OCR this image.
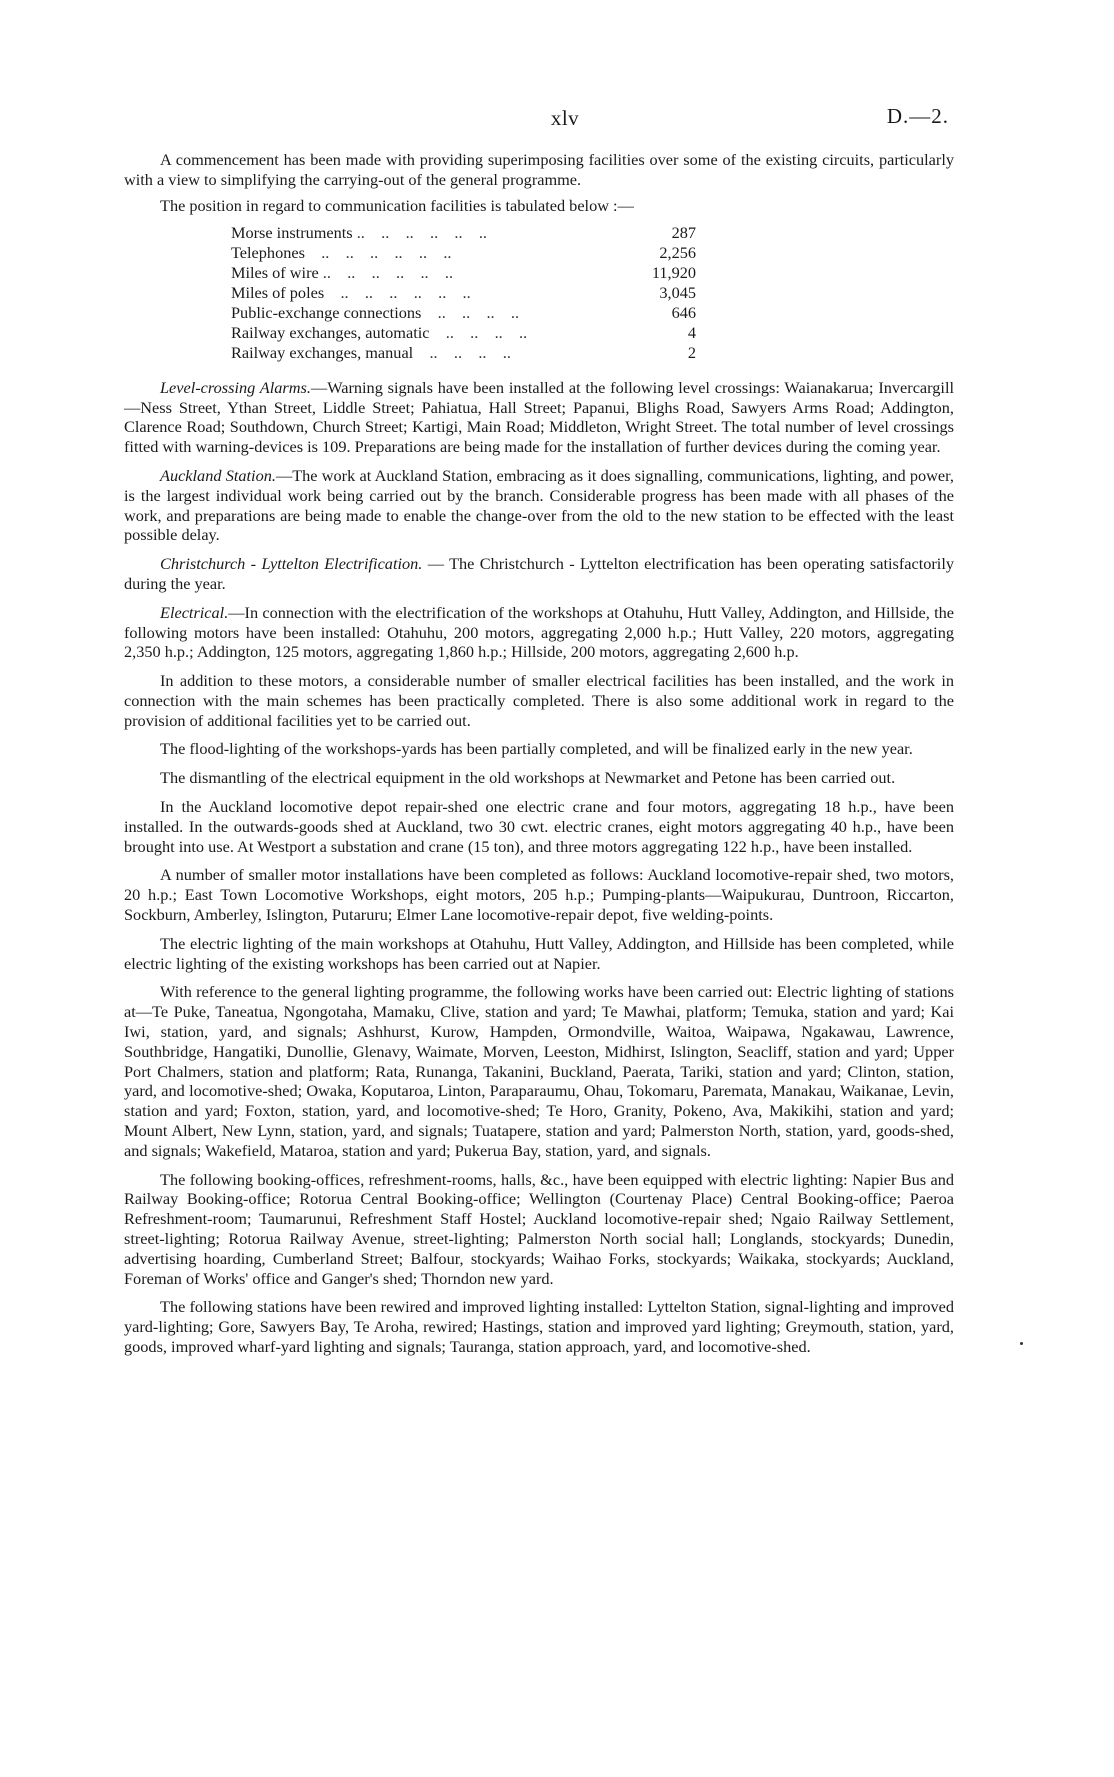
xlv	D.—2.

A commencement has been made with providing superimposing facilities over some of the existing circuits, particularly with a view to simplifying the carrying-out of the general programme.

The position in regard to communication facilities is tabulated below :—

Morse instruments ..    ..    ..    ..    ..    ..	287
Telephones    ..    ..    ..    ..    ..    ..	2,256
Miles of wire ..    ..    ..    ..    ..    ..	11,920
Miles of poles    ..    ..    ..    ..    ..    ..	3,045
Public-exchange connections    ..    ..    ..    ..	646
Railway exchanges, automatic    ..    ..    ..    ..	4
Railway exchanges, manual    ..    ..    ..    ..	2

Level-crossing Alarms.—Warning signals have been installed at the following level crossings: Waianakarua; Invercargill—Ness Street, Ythan Street, Liddle Street; Pahiatua, Hall Street; Papanui, Blighs Road, Sawyers Arms Road; Addington, Clarence Road; Southdown, Church Street; Kartigi, Main Road; Middleton, Wright Street. The total number of level crossings fitted with warning-devices is 109. Preparations are being made for the installation of further devices during the coming year.

Auckland Station.—The work at Auckland Station, embracing as it does signalling, communications, lighting, and power, is the largest individual work being carried out by the branch. Considerable progress has been made with all phases of the work, and preparations are being made to enable the change-over from the old to the new station to be effected with the least possible delay.

Christchurch - Lyttelton Electrification. — The Christchurch - Lyttelton electrification has been operating satisfactorily during the year.

Electrical.—In connection with the electrification of the workshops at Otahuhu, Hutt Valley, Addington, and Hillside, the following motors have been installed: Otahuhu, 200 motors, aggregating 2,000 h.p.; Hutt Valley, 220 motors, aggregating 2,350 h.p.; Addington, 125 motors, aggregating 1,860 h.p.; Hillside, 200 motors, aggregating 2,600 h.p.

In addition to these motors, a considerable number of smaller electrical facilities has been installed, and the work in connection with the main schemes has been practically completed. There is also some additional work in regard to the provision of additional facilities yet to be carried out.

The flood-lighting of the workshops-yards has been partially completed, and will be finalized early in the new year.

The dismantling of the electrical equipment in the old workshops at Newmarket and Petone has been carried out.

In the Auckland locomotive depot repair-shed one electric crane and four motors, aggregating 18 h.p., have been installed. In the outwards-goods shed at Auckland, two 30 cwt. electric cranes, eight motors aggregating 40 h.p., have been brought into use. At Westport a substation and crane (15 ton), and three motors aggregating 122 h.p., have been installed.

A number of smaller motor installations have been completed as follows: Auckland locomotive-repair shed, two motors, 20 h.p.; East Town Locomotive Workshops, eight motors, 205 h.p.; Pumping-plants—Waipukurau, Duntroon, Riccarton, Sockburn, Amberley, Islington, Putaruru; Elmer Lane locomotive-repair depot, five welding-points.

The electric lighting of the main workshops at Otahuhu, Hutt Valley, Addington, and Hillside has been completed, while electric lighting of the existing workshops has been carried out at Napier.

With reference to the general lighting programme, the following works have been carried out: Electric lighting of stations at—Te Puke, Taneatua, Ngongotaha, Mamaku, Clive, station and yard; Te Mawhai, platform; Temuka, station and yard; Kai Iwi, station, yard, and signals; Ashhurst, Kurow, Hampden, Ormondville, Waitoa, Waipawa, Ngakawau, Lawrence, Southbridge, Hangatiki, Dunollie, Glenavy, Waimate, Morven, Leeston, Midhirst, Islington, Seacliff, station and yard; Upper Port Chalmers, station and platform; Rata, Runanga, Takanini, Buckland, Paerata, Tariki, station and yard; Clinton, station, yard, and locomotive-shed; Owaka, Koputaroa, Linton, Paraparaumu, Ohau, Tokomaru, Paremata, Manakau, Waikanae, Levin, station and yard; Foxton, station, yard, and locomotive-shed; Te Horo, Granity, Pokeno, Ava, Makikihi, station and yard; Mount Albert, New Lynn, station, yard, and signals; Tuatapere, station and yard; Palmerston North, station, yard, goods-shed, and signals; Wakefield, Mataroa, station and yard; Pukerua Bay, station, yard, and signals.

The following booking-offices, refreshment-rooms, halls, &c., have been equipped with electric lighting: Napier Bus and Railway Booking-office; Rotorua Central Booking-office; Wellington (Courtenay Place) Central Booking-office; Paeroa Refreshment-room; Taumarunui, Refreshment Staff Hostel; Auckland locomotive-repair shed; Ngaio Railway Settlement, street-lighting; Rotorua Railway Avenue, street-lighting; Palmerston North social hall; Longlands, stockyards; Dunedin, advertising hoarding, Cumberland Street; Balfour, stockyards; Waihao Forks, stockyards; Waikaka, stockyards; Auckland, Foreman of Works' office and Ganger's shed; Thorndon new yard.

The following stations have been rewired and improved lighting installed: Lyttelton Station, signal-lighting and improved yard-lighting; Gore, Sawyers Bay, Te Aroha, rewired; Hastings, station and improved yard lighting; Greymouth, station, yard, goods, improved wharf-yard lighting and signals; Tauranga, station approach, yard, and locomotive-shed.
